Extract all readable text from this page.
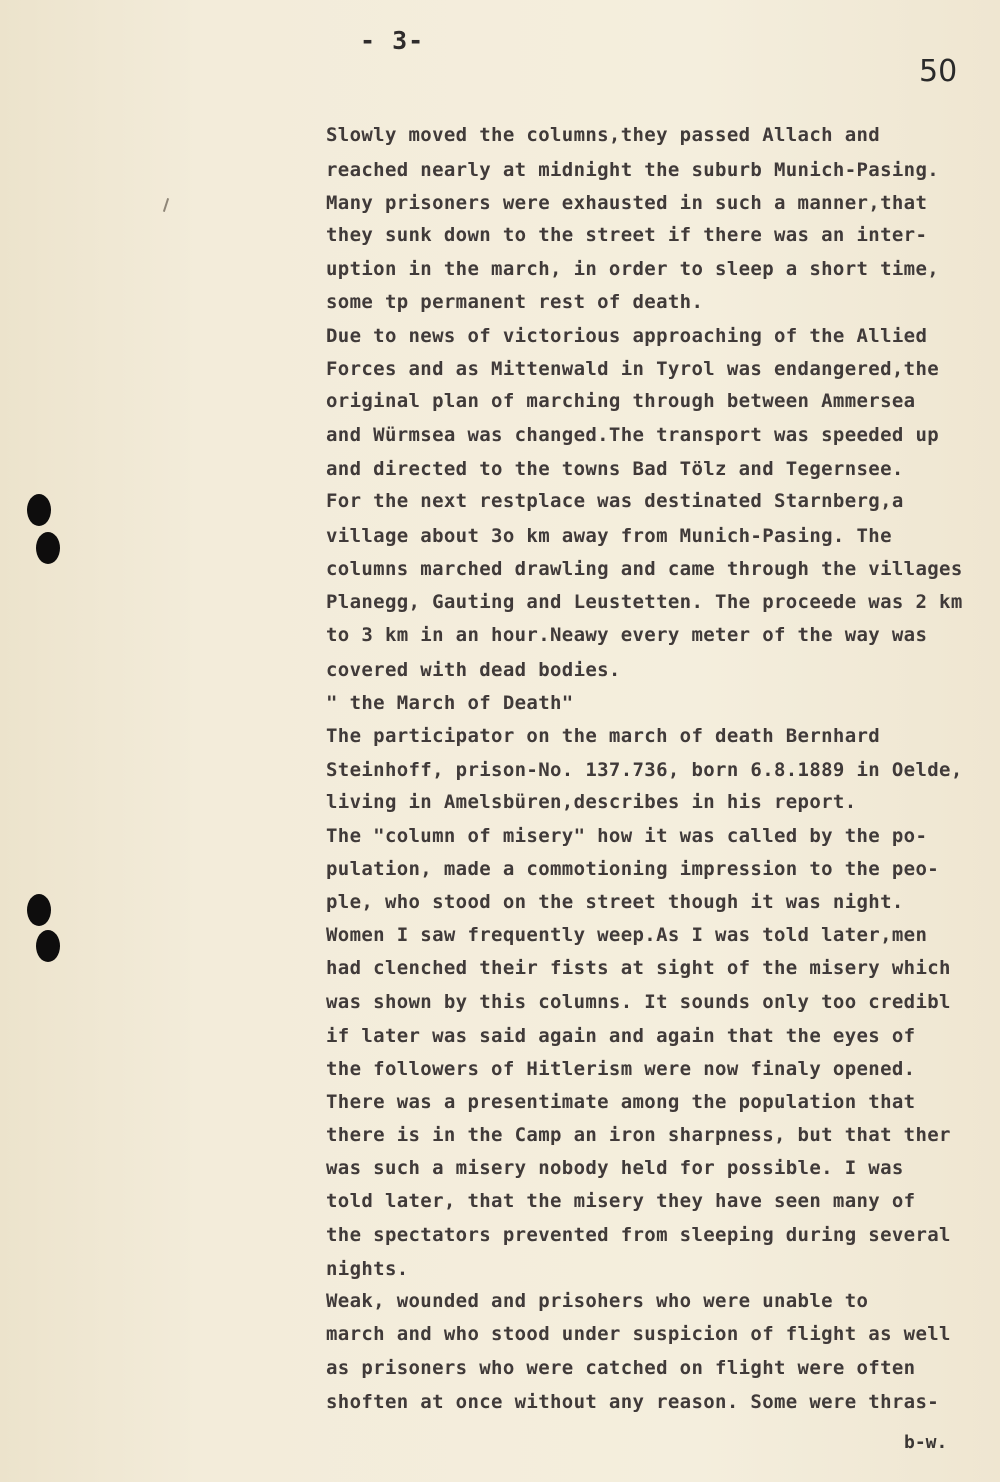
- 3-
50
Slowly moved the columns,they passed Allach and
reached nearly at midnight the suburb Munich-Pasing.
Many prisoners were exhausted in such a manner,that
they sunk down to the street if there was an inter-
uption in the march, in order to sleep a short time,
some tp permanent rest of death.
Due to news of victorious approaching of the Allied
Forces and as Mittenwald in Tyrol was endangered,the
original plan of marching through between Ammersea
and Würmsea was changed.The transport was speeded up
and directed to the towns Bad Tölz and Tegernsee.
For the next restplace was destinated Starnberg,a
village about 3o km away from Munich-Pasing. The
columns marched drawling and came through the villages
Planegg, Gauting and Leustetten. The proceede was 2 km
to 3 km in an hour.Neawy every meter of the way was
covered with dead bodies.
" the March of Death"
The participator on the march of death Bernhard
Steinhoff, prison-No. 137.736, born 6.8.1889 in Oelde,
living in Amelsbüren,describes in his report.
The "column of misery" how it was called by the po-
pulation, made a commotioning impression to the peo-
ple, who stood on the street though it was night.
Women I saw frequently weep.As I was told later,men
had clenched their fists at sight of the misery which
was shown by this columns. It sounds only too credibl
if later was said again and again that the eyes of
the followers of Hitlerism were now finaly opened.
There was a presentimate among the population that
there is in the Camp an iron sharpness, but that ther
was such a misery nobody held for possible. I was
told later, that the misery they have seen many of
the spectators prevented from sleeping during several
nights.
Weak, wounded and prisohers who were unable to
march and who stood under suspicion of flight as well
as prisoners who were catched on flight were often
shoften at once without any reason. Some were thras-
b-w.
